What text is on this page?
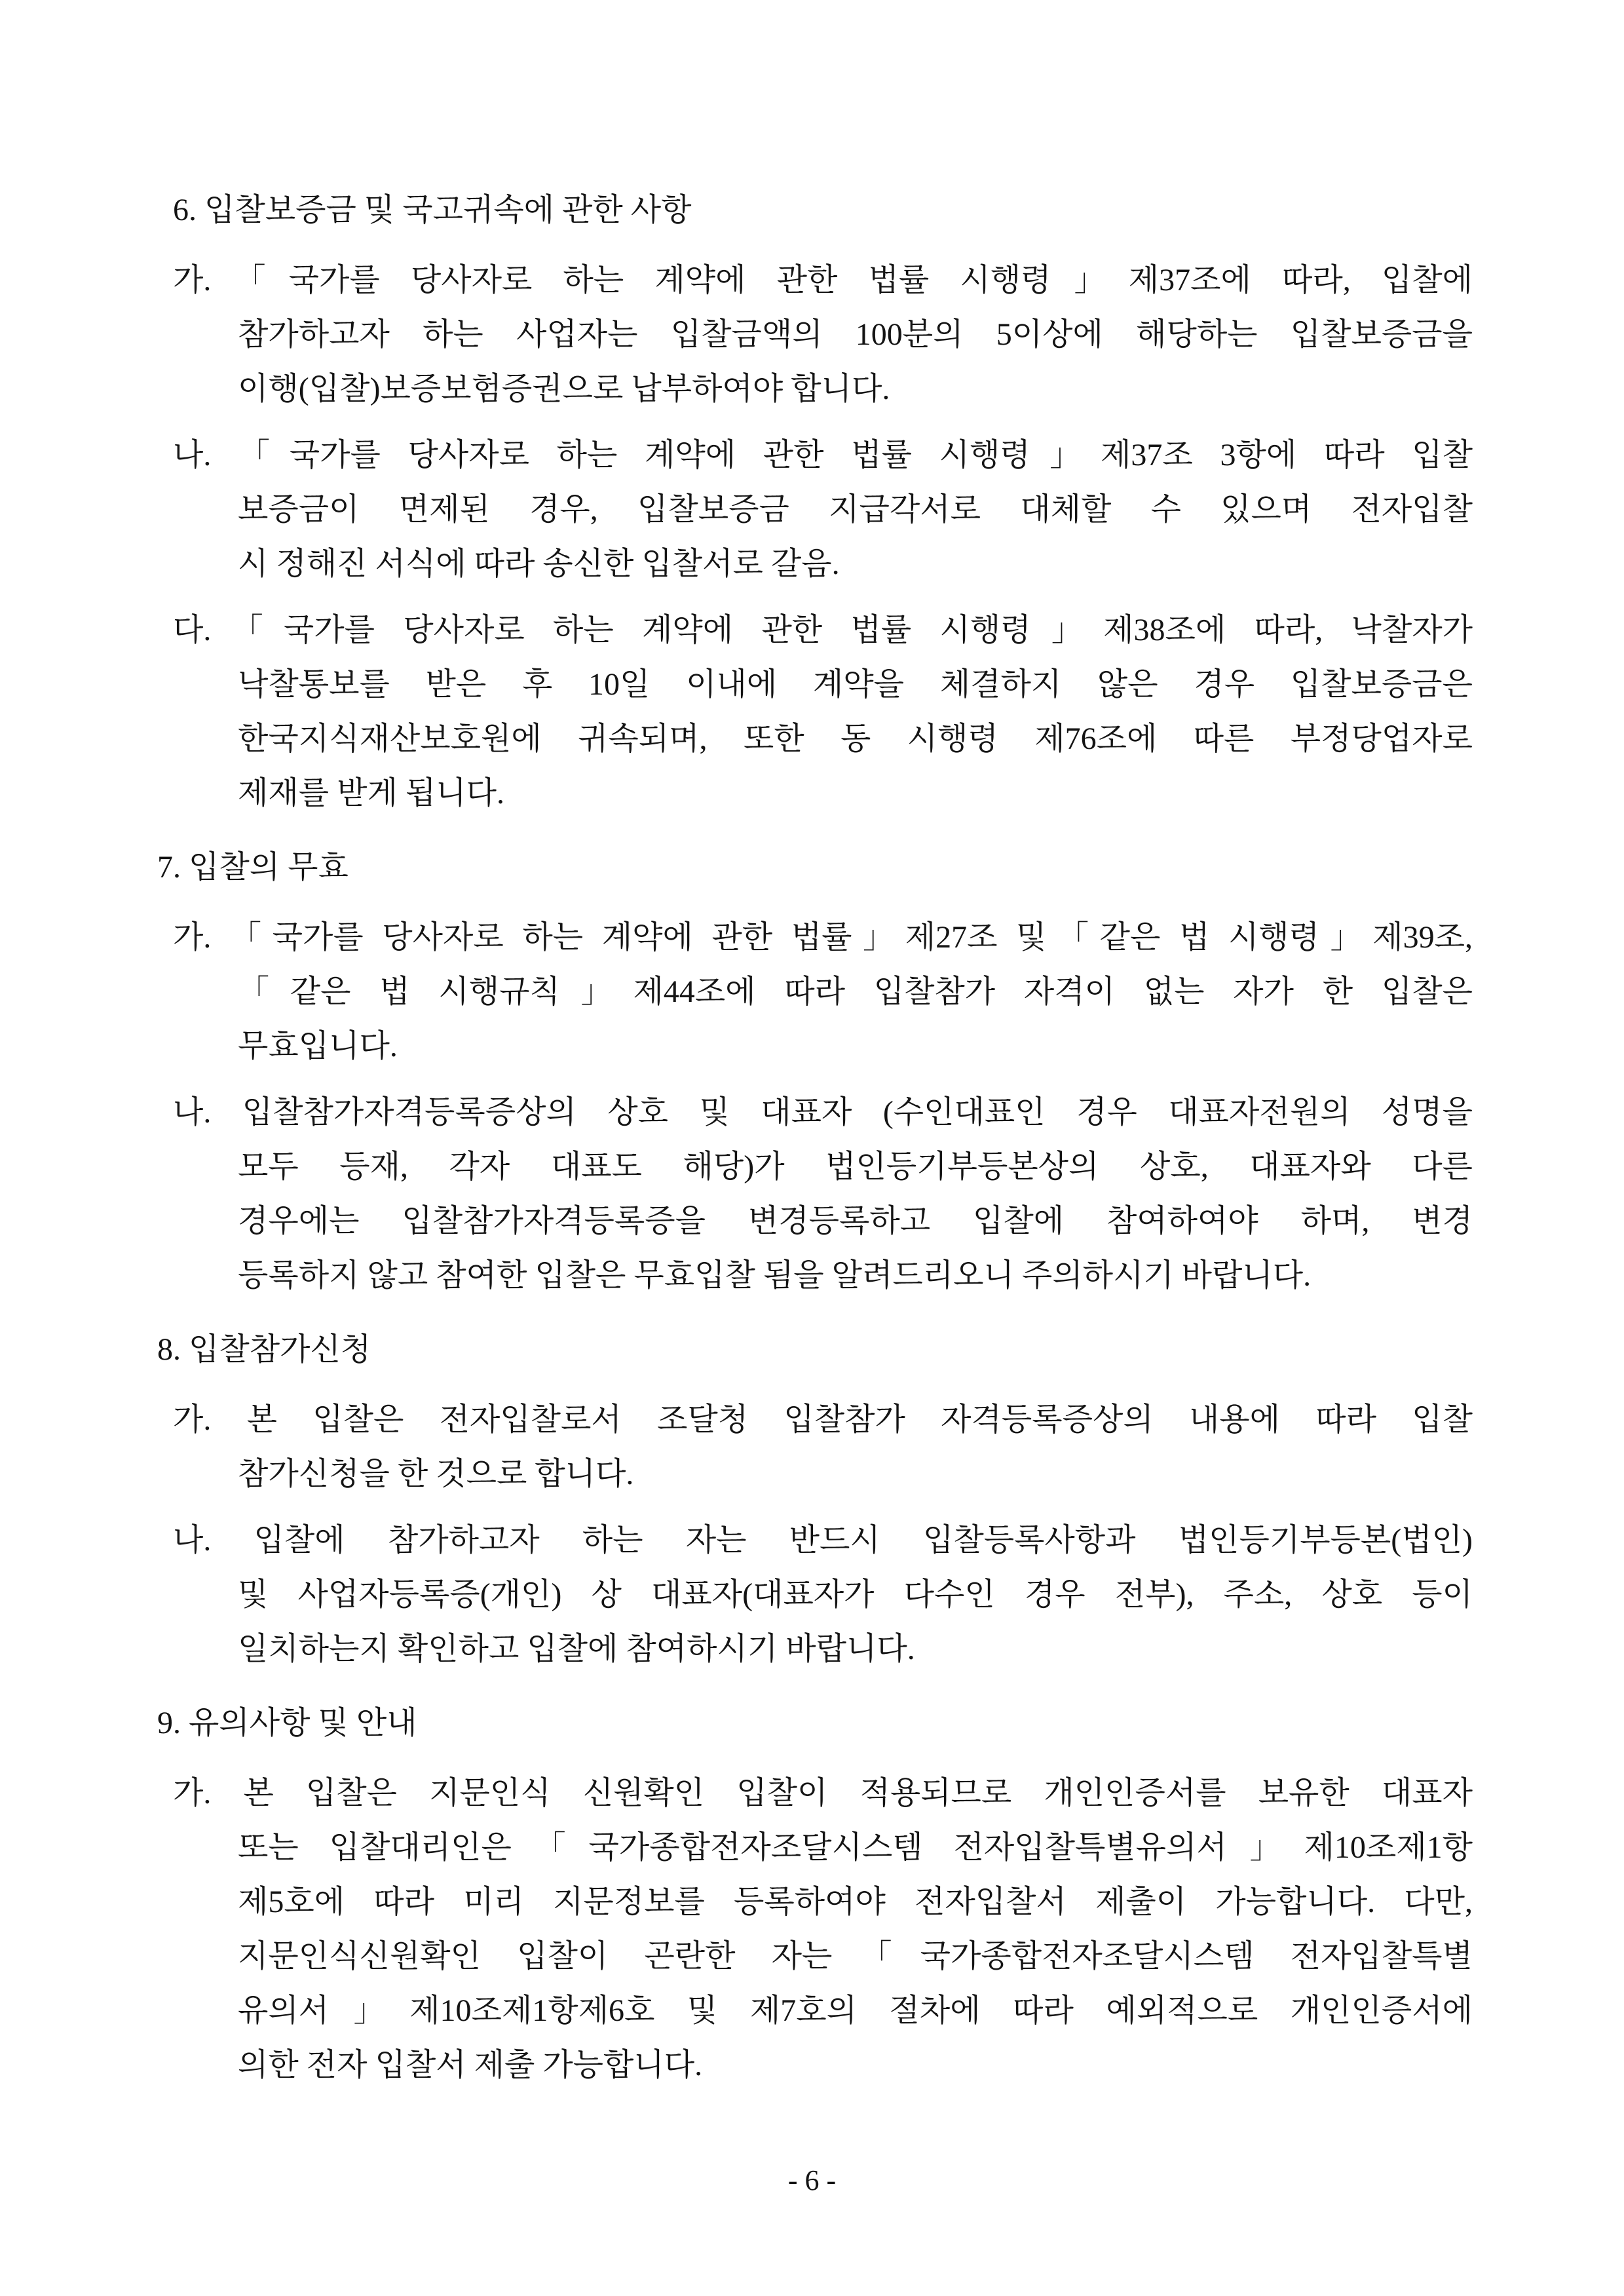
6. 입찰보증금 및 국고귀속에 관한 사항
가.「국가를 당사자로 하는 계약에 관한 법률 시행령」제37조에 따라, 입찰에
참가하고자 하는 사업자는 입찰금액의 100분의 5이상에 해당하는 입찰보증금을
이행(입찰)보증보험증권으로 납부하여야 합니다.
나. 「국가를 당사자로 하는 계약에 관한 법률 시행령」제37조 3항에 따라 입찰
보증금이 면제된 경우, 입찰보증금 지급각서로 대체할 수 있으며 전자입찰
시 정해진 서식에 따라 송신한 입찰서로 갈음.
다.「국가를 당사자로 하는 계약에 관한 법률 시행령」제38조에 따라, 낙찰자가
낙찰통보를 받은 후 10일 이내에 계약을 체결하지 않은 경우 입찰보증금은
한국지식재산보호원에 귀속되며, 또한 동 시행령 제76조에 따른 부정당업자로
제재를 받게 됩니다.
7. 입찰의 무효
가. 「국가를 당사자로 하는 계약에 관한 법률」제27조 및「같은 법 시행령」제39조,
「같은 법 시행규칙」제44조에 따라 입찰참가 자격이 없는 자가 한 입찰은
무효입니다.
나. 입찰참가자격등록증상의 상호 및 대표자 (수인대표인 경우 대표자전원의 성명을
모두 등재, 각자 대표도 해당)가 법인등기부등본상의 상호, 대표자와 다른
경우에는 입찰참가자격등록증을 변경등록하고 입찰에 참여하여야 하며, 변경
등록하지 않고 참여한 입찰은 무효입찰 됨을 알려드리오니 주의하시기 바랍니다.
8. 입찰참가신청
가. 본 입찰은 전자입찰로서 조달청 입찰참가 자격등록증상의 내용에 따라 입찰
참가신청을 한 것으로 합니다.
나. 입찰에 참가하고자 하는 자는 반드시 입찰등록사항과 법인등기부등본(법인)
및 사업자등록증(개인) 상 대표자(대표자가 다수인 경우 전부), 주소, 상호 등이
일치하는지 확인하고 입찰에 참여하시기 바랍니다.
9. 유의사항 및 안내
가. 본 입찰은 지문인식 신원확인 입찰이 적용되므로 개인인증서를 보유한 대표자
또는 입찰대리인은「국가종합전자조달시스템 전자입찰특별유의서」제10조제1항
제5호에 따라 미리 지문정보를 등록하여야 전자입찰서 제출이 가능합니다. 다만,
지문인식신원확인 입찰이 곤란한 자는「국가종합전자조달시스템 전자입찰특별
유의서」제10조제1항제6호 및 제7호의 절차에 따라 예외적으로 개인인증서에
의한 전자 입찰서 제출 가능합니다.
- 6 -
